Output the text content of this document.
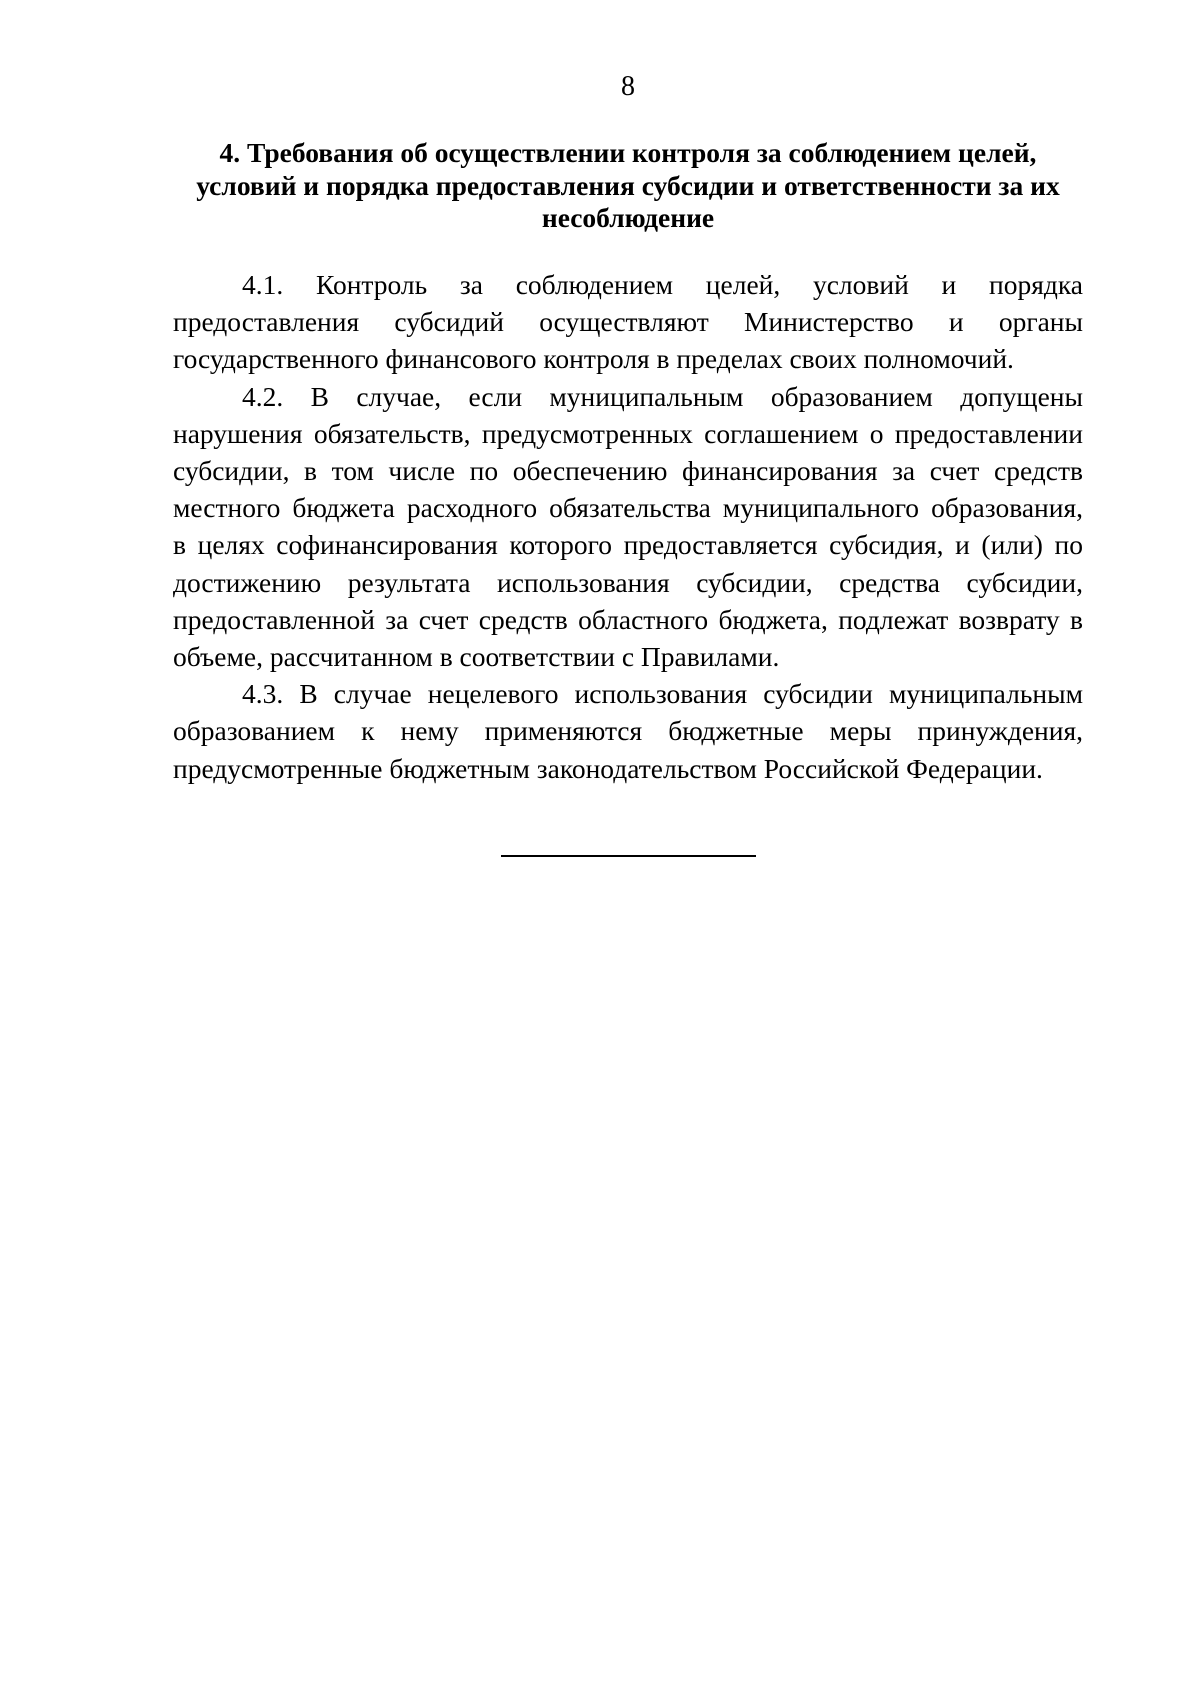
8
4. Требования об осуществлении контроля за соблюдением целей,
условий и порядка предоставления субсидии и ответственности за их
несоблюдение
4.1. Контроль за соблюдением целей, условий и порядка
предоставления субсидий осуществляют Министерство и органы
государственного финансового контроля в пределах своих полномочий.
4.2. В случае, если муниципальным образованием допущены
нарушения обязательств, предусмотренных соглашением о предоставлении
субсидии, в том числе по обеспечению финансирования за счет средств
местного бюджета расходного обязательства муниципального образования,
в целях софинансирования которого предоставляется субсидия, и (или) по
достижению результата использования субсидии, средства субсидии,
предоставленной за счет средств областного бюджета, подлежат возврату в
объеме, рассчитанном в соответствии с Правилами.
4.3. В случае нецелевого использования субсидии муниципальным
образованием к нему применяются бюджетные меры принуждения,
предусмотренные бюджетным законодательством Российской Федерации.
